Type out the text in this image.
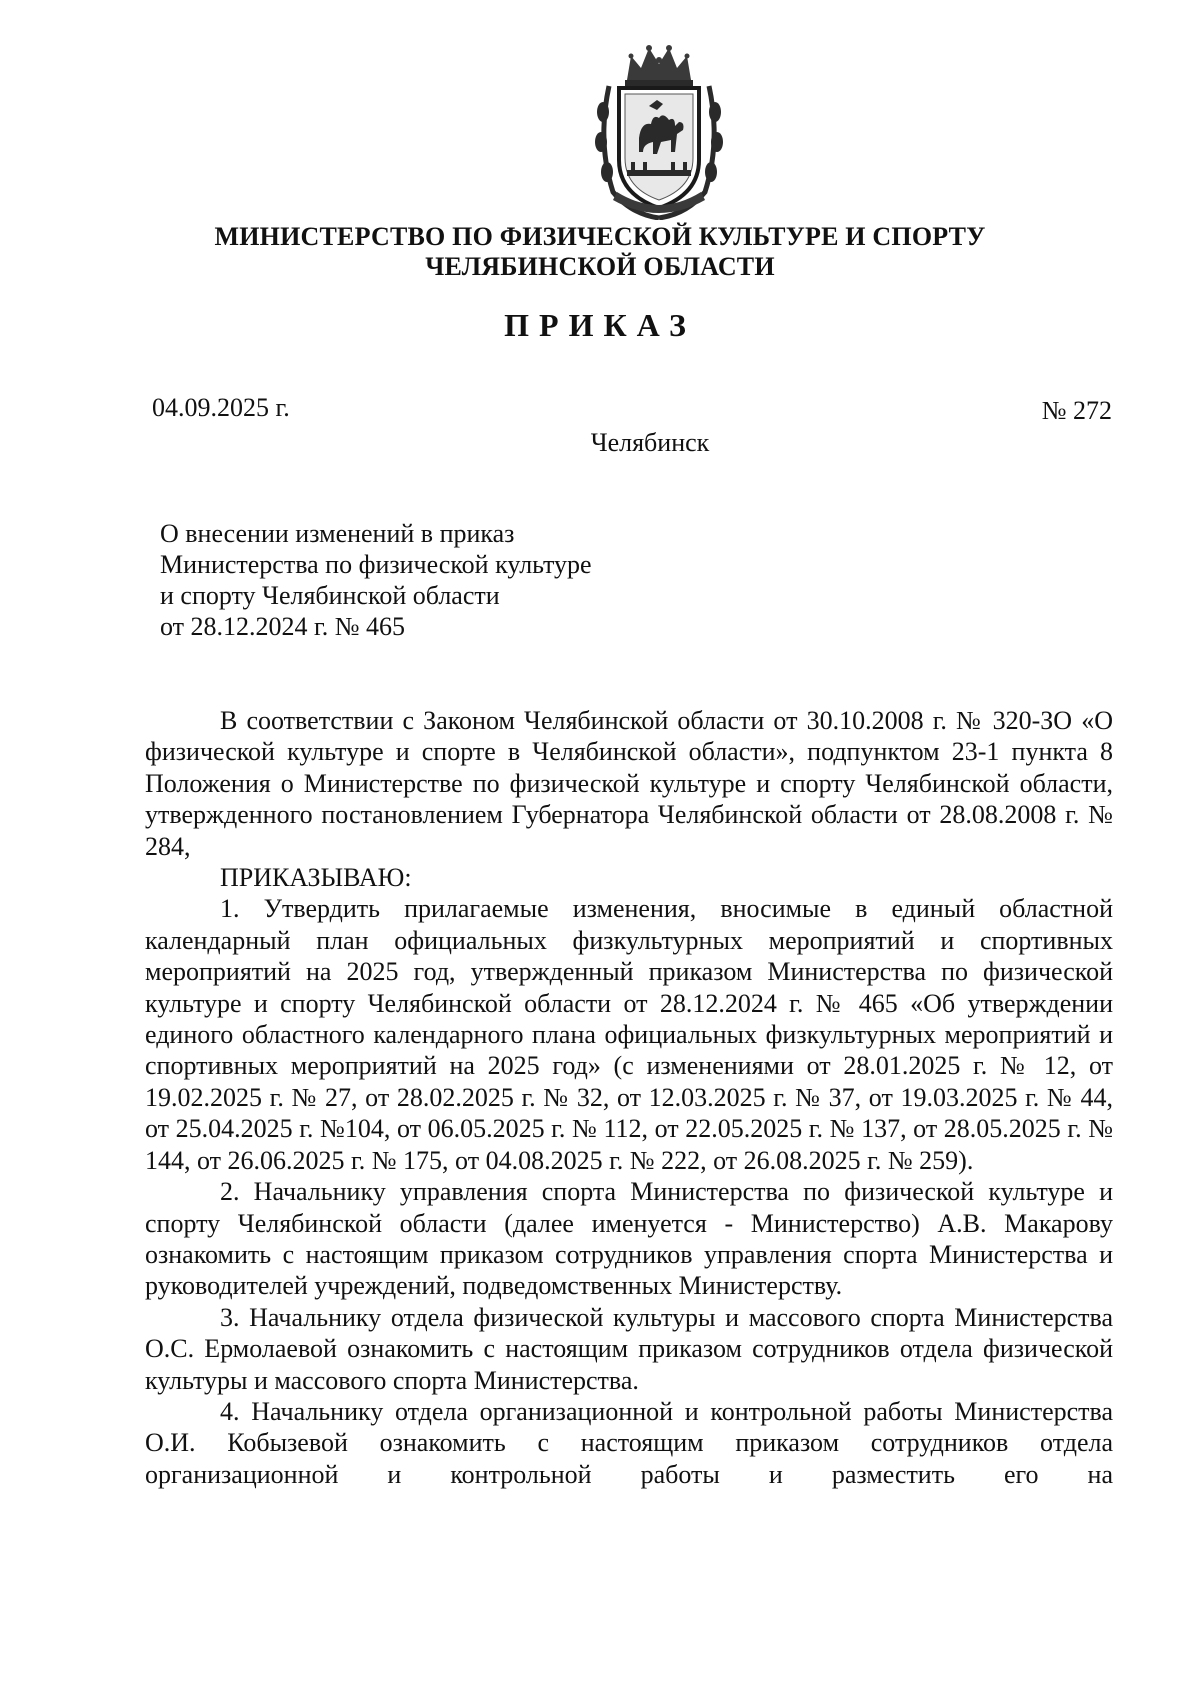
МИНИСТЕРСТВО ПО ФИЗИЧЕСКОЙ КУЛЬТУРЕ И СПОРТУ
ЧЕЛЯБИНСКОЙ ОБЛАСТИ
ПРИКАЗ
04.09.2025 г.	№ 272
Челябинск
О внесении изменений в приказ
Министерства по физической культуре
и спорту Челябинской области
от 28.12.2024 г. № 465

В соответствии с Законом Челябинской области от 30.10.2008 г. № 320-ЗО «О физической культуре и спорте в Челябинской области», подпунктом 23-1 пункта 8 Положения о Министерстве по физической культуре и спорту Челябинской области, утвержденного постановлением Губернатора Челябинской области от 28.08.2008 г. № 284,

ПРИКАЗЫВАЮ:

1. Утвердить прилагаемые изменения, вносимые в единый областной календарный план официальных физкультурных мероприятий и спортивных мероприятий на 2025 год, утвержденный приказом Министерства по физической культуре и спорту Челябинской области от 28.12.2024 г. № 465 «Об утверждении единого областного календарного плана официальных физкультурных мероприятий и спортивных мероприятий на 2025 год» (с изменениями от 28.01.2025 г. № 12, от 19.02.2025 г. № 27, от 28.02.2025 г. № 32, от 12.03.2025 г. № 37, от 19.03.2025 г. № 44, от 25.04.2025 г. №104, от 06.05.2025 г. № 112, от 22.05.2025 г. № 137, от 28.05.2025 г. № 144, от 26.06.2025 г. № 175, от 04.08.2025 г. № 222, от 26.08.2025 г. № 259).

2. Начальнику управления спорта Министерства по физической культуре и спорту Челябинской области (далее именуется - Министерство) А.В. Макарову ознакомить с настоящим приказом сотрудников управления спорта Министерства и руководителей учреждений, подведомственных Министерству.

3. Начальнику отдела физической культуры и массового спорта Министерства О.С. Ермолаевой ознакомить с настоящим приказом сотрудников отдела физической культуры и массового спорта Министерства.

4. Начальнику отдела организационной и контрольной работы Министерства О.И. Кобызевой ознакомить с настоящим приказом сотрудников отдела организационной и контрольной работы и разместить его на
